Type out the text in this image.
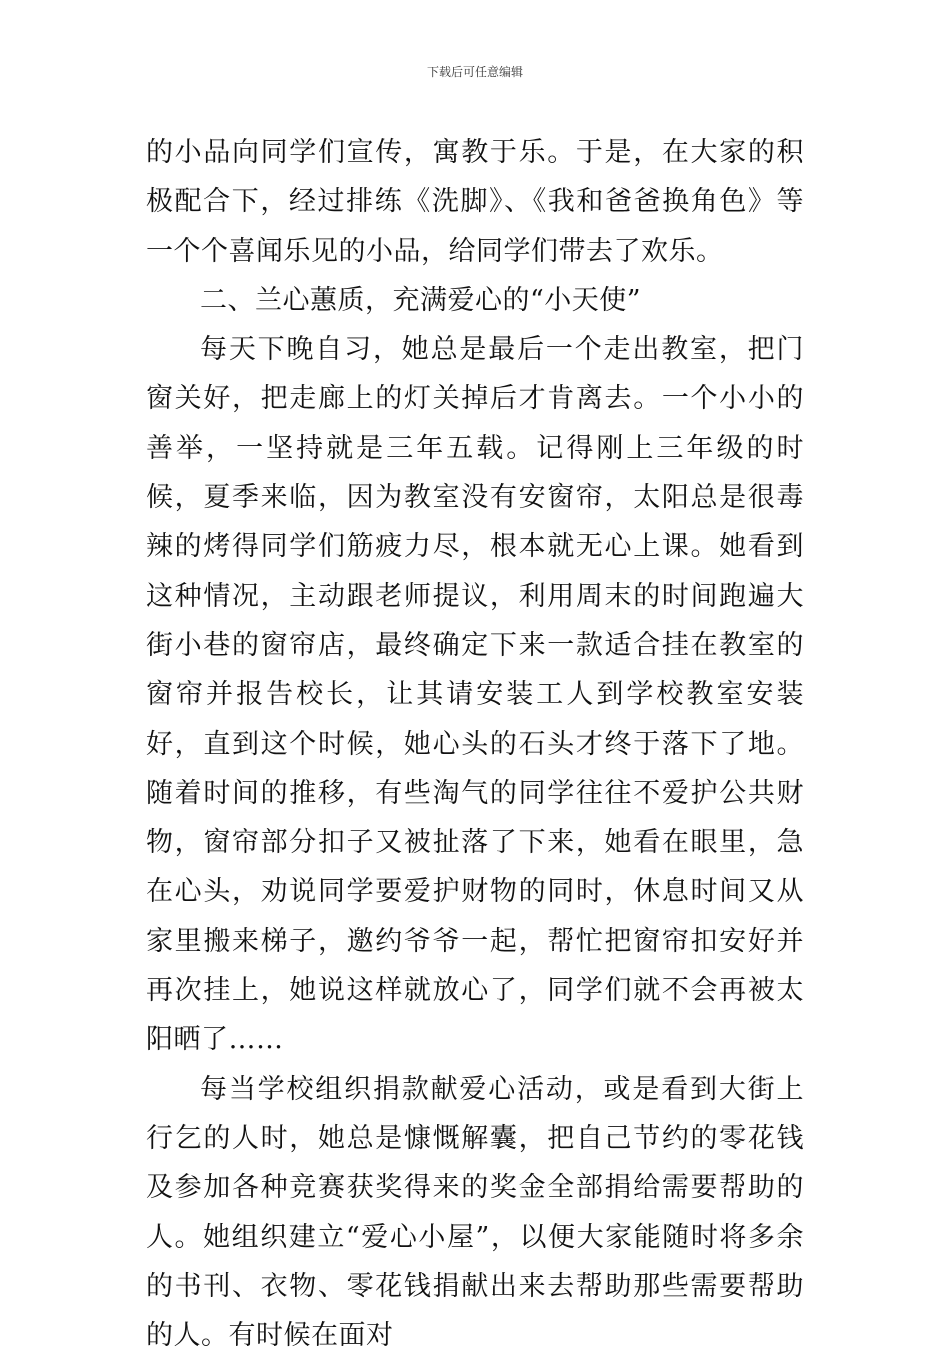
下载后可任意编辑

的小品向同学们宣传，寓教于乐。于是，在大家的积极配合下，经过排练《洗脚》、《我和爸爸换角色》等一个个喜闻乐见的小品，给同学们带去了欢乐。

二、兰心蕙质，充满爱心的“小天使”

每天下晚自习，她总是最后一个走出教室，把门窗关好，把走廊上的灯关掉后才肯离去。一个小小的善举，一坚持就是三年五载。记得刚上三年级的时候，夏季来临，因为教室没有安窗帘，太阳总是很毒辣的烤得同学们筋疲力尽，根本就无心上课。她看到这种情况，主动跟老师提议，利用周末的时间跑遍大街小巷的窗帘店，最终确定下来一款适合挂在教室的窗帘并报告校长，让其请安装工人到学校教室安装好，直到这个时候，她心头的石头才终于落下了地。随着时间的推移，有些淘气的同学往往不爱护公共财物，窗帘部分扣子又被扯落了下来，她看在眼里，急在心头，劝说同学要爱护财物的同时，休息时间又从家里搬来梯子，邀约爷爷一起，帮忙把窗帘扣安好并再次挂上，她说这样就放心了，同学们就不会再被太阳晒了……

每当学校组织捐款献爱心活动，或是看到大街上行乞的人时，她总是慷慨解囊，把自己节约的零花钱及参加各种竞赛获奖得来的奖金全部捐给需要帮助的人。她组织建立“爱心小屋”，以便大家能随时将多余的书刊、衣物、零花钱捐献出来去帮助那些需要帮助的人。有时候在面对
